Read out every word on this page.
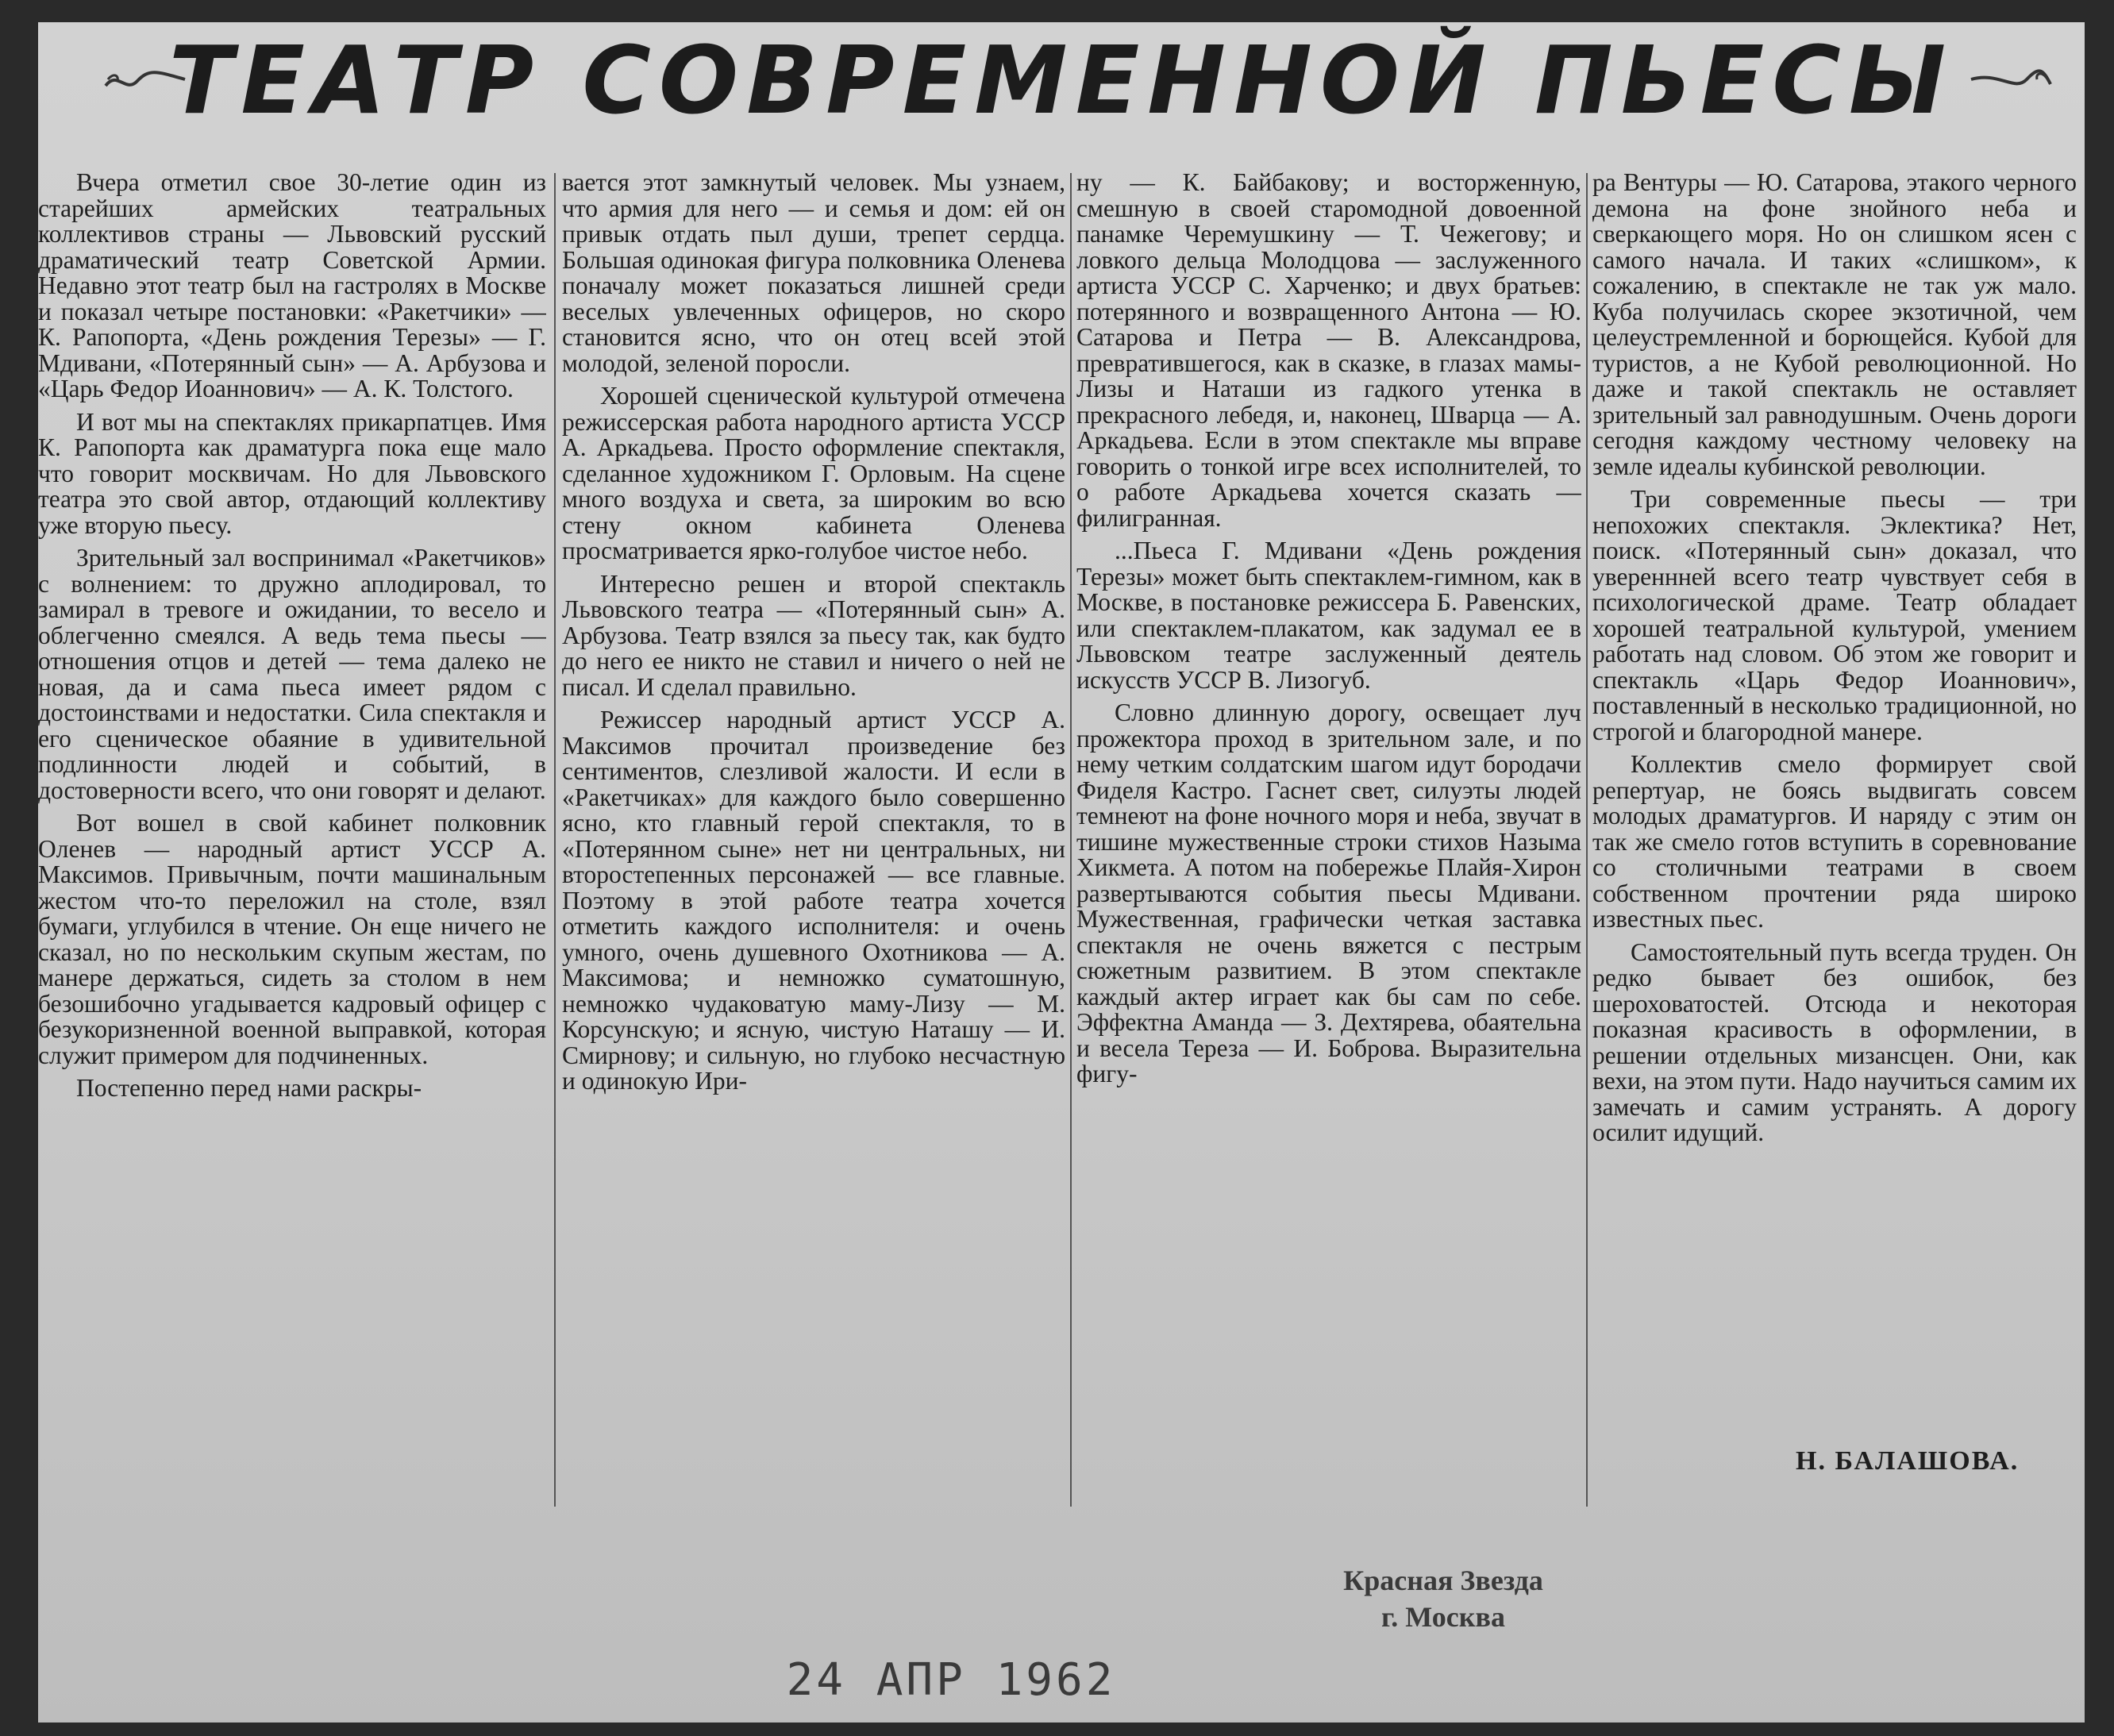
ТЕАТР СОВРЕМЕННОЙ ПЬЕСЫ

Вчера отметил свое 30-летие один из старейших армейских театральных коллективов страны — Львовский русский драматический театр Советской Армии. Недавно этот театр был на гастролях в Москве и показал четыре постановки: «Ракетчики» — К. Рапопорта, «День рождения Терезы» — Г. Мдивани, «Потерянный сын» — А. Арбузова и «Царь Федор Иоаннович» — А. К. Толстого.

И вот мы на спектаклях прикарпатцев. Имя К. Рапопорта как драматурга пока еще мало что говорит москвичам. Но для Львовского театра это свой автор, отдающий коллективу уже вторую пьесу.

Зрительный зал воспринимал «Ракетчиков» с волнением: то дружно аплодировал, то замирал в тревоге и ожидании, то весело и облегченно смеялся. А ведь тема пьесы — отношения отцов и детей — тема далеко не новая, да и сама пьеса имеет рядом с достоинствами и недостатки. Сила спектакля и его сценическое обаяние в удивительной подлинности людей и событий, в достоверности всего, что они говорят и делают.

Вот вошел в свой кабинет полковник Оленев — народный артист УССР А. Максимов. Привычным, почти машинальным жестом что-то переложил на столе, взял бумаги, углубился в чтение. Он еще ничего не сказал, но по нескольким скупым жестам, по манере держаться, сидеть за столом в нем безошибочно угадывается кадровый офицер с безукоризненной военной выправкой, которая служит примером для подчиненных.

Постепенно перед нами раскры-

вается этот замкнутый человек. Мы узнаем, что армия для него — и семья и дом: ей он привык отдать пыл души, трепет сердца. Большая одинокая фигура полковника Оленева поначалу может показаться лишней среди веселых увлеченных офицеров, но скоро становится ясно, что он отец всей этой молодой, зеленой поросли.

Хорошей сценической культурой отмечена режиссерская работа народного артиста УССР А. Аркадьева. Просто оформление спектакля, сделанное художником Г. Орловым. На сцене много воздуха и света, за широким во всю стену окном кабинета Оленева просматривается ярко-голубое чистое небо.

Интересно решен и второй спектакль Львовского театра — «Потерянный сын» А. Арбузова. Театр взялся за пьесу так, как будто до него ее никто не ставил и ничего о ней не писал. И сделал правильно.

Режиссер народный артист УССР А. Максимов прочитал произведение без сентиментов, слезливой жалости. И если в «Ракетчиках» для каждого было совершенно ясно, кто главный герой спектакля, то в «Потерянном сыне» нет ни центральных, ни второстепенных персонажей — все главные. Поэтому в этой работе театра хочется отметить каждого исполнителя: и очень умного, очень душевного Охотникова — А. Максимова; и немножко суматошную, немножко чудаковатую маму-Лизу — М. Корсунскую; и ясную, чистую Наташу — И. Смирнову; и сильную, но глубоко несчастную и одинокую Ири-

ну — К. Байбакову; и восторженную, смешную в своей старомодной довоенной панамке Черемушкину — Т. Чежегову; и ловкого дельца Молодцова — заслуженного артиста УССР С. Харченко; и двух братьев: потерянного и возвращенного Антона — Ю. Сатарова и Петра — В. Александрова, превратившегося, как в сказке, в глазах мамы-Лизы и Наташи из гадкого утенка в прекрасного лебедя, и, наконец, Шварца — А. Аркадьева. Если в этом спектакле мы вправе говорить о тонкой игре всех исполнителей, то о работе Аркадьева хочется сказать — филигранная.

...Пьеса Г. Мдивани «День рождения Терезы» может быть спектаклем-гимном, как в Москве, в постановке режиссера Б. Равенских, или спектаклем-плакатом, как задумал ее в Львовском театре заслуженный деятель искусств УССР В. Лизогуб.

Словно длинную дорогу, освещает луч прожектора проход в зрительном зале, и по нему четким солдатским шагом идут бородачи Фиделя Кастро. Гаснет свет, силуэты людей темнеют на фоне ночного моря и неба, звучат в тишине мужественные строки стихов Назыма Хикмета. А потом на побережье Плайя-Хирон развертываются события пьесы Мдивани. Мужественная, графически четкая заставка спектакля не очень вяжется с пестрым сюжетным развитием. В этом спектакле каждый актер играет как бы сам по себе. Эффектна Аманда — З. Дехтярева, обаятельна и весела Тереза — И. Боброва. Выразительна фигу-

ра Вентуры — Ю. Сатарова, этакого черного демона на фоне знойного неба и сверкающего моря. Но он слишком ясен с самого начала. И таких «слишком», к сожалению, в спектакле не так уж мало. Куба получилась скорее экзотичной, чем целеустремленной и борющейся. Кубой для туристов, а не Кубой революционной. Но даже и такой спектакль не оставляет зрительный зал равнодушным. Очень дороги сегодня каждому честному человеку на земле идеалы кубинской революции.

Три современные пьесы — три непохожих спектакля. Эклектика? Нет, поиск. «Потерянный сын» доказал, что увереннней всего театр чувствует себя в психологической драме. Театр обладает хорошей театральной культурой, умением работать над словом. Об этом же говорит и спектакль «Царь Федор Иоаннович», поставленный в несколько традиционной, но строгой и благородной манере.

Коллектив смело формирует свой репертуар, не боясь выдвигать совсем молодых драматургов. И наряду с этим он так же смело готов вступить в соревнование со столичными театрами в своем собственном прочтении ряда широко известных пьес.

Самостоятельный путь всегда труден. Он редко бывает без ошибок, без шероховатостей. Отсюда и некоторая показная красивость в оформлении, в решении отдельных мизансцен. Они, как вехи, на этом пути. Надо научиться самим их замечать и самим устранять. А дорогу осилит идущий.

Н. БАЛАШОВА.
Красная Звезда
г. Москва
24 АПР 1962
